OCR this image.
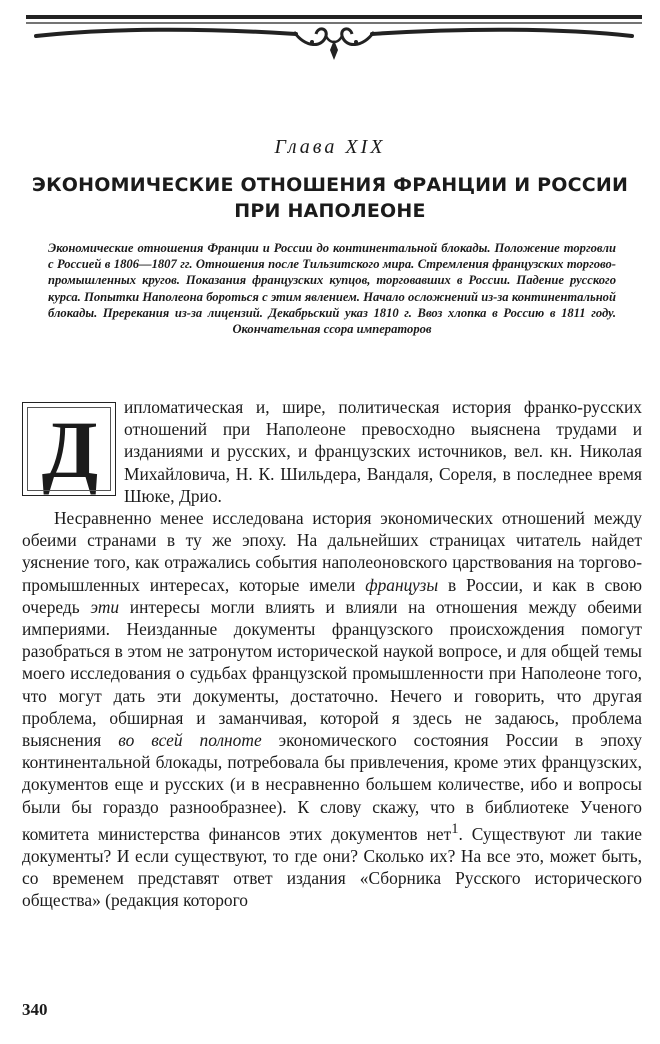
Глава XIX
ЭКОНОМИЧЕСКИЕ ОТНОШЕНИЯ ФРАНЦИИ И РОССИИ ПРИ НАПОЛЕОНЕ
Экономические отношения Франции и России до континентальной блокады. Положение торговли с Россией в 1806—1807 гг. Отношения после Тильзитского мира. Стремления французских торгово-промышленных кругов. Показания французских купцов, торговавших в России. Падение русского курса. Попытки Наполеона бороться с этим явлением. Начало осложнений из-за континентальной блокады. Пререкания из-за лицензий. Декабрьский указ 1810 г. Ввоз хлопка в Россию в 1811 году. Окончательная ссора императоров
Д	ипломатическая и, шире, политическая история франко-русских отношений при Наполеоне превосходно выяснена трудами и изданиями и русских, и французских источников, вел. кн. Николая Михайловича, Н. К. Шильдера, Вандаля, Сореля, в последнее время Шюке, Дрио.

Несравненно менее исследована история экономических отношений между обеими странами в ту же эпоху. На дальнейших страницах читатель найдет уяснение того, как отражались события наполеоновского царствования на торгово-промышленных интересах, которые имели французы в России, и как в свою очередь эти интересы могли влиять и влияли на отношения между обеими империями. Неизданные документы французского происхождения помогут разобраться в этом не затронутом исторической наукой вопросе, и для общей темы моего исследования о судьбах французской промышленности при Наполеоне того, что могут дать эти документы, достаточно. Нечего и говорить, что другая проблема, обширная и заманчивая, которой я здесь не задаюсь, проблема выяснения во всей полноте экономического состояния России в эпоху континентальной блокады, потребовала бы привлечения, кроме этих французских, документов еще и русских (и в несравненно большем количестве, ибо и вопросы были бы гораздо разнообразнее). К слову скажу, что в библиотеке Ученого комитета министерства финансов этих документов нет$^1$. Существуют ли такие документы? И если существуют, то где они? Сколько их? На все это, может быть, со временем представят ответ издания «Сборника Русского исторического общества» (редакция которого

340
